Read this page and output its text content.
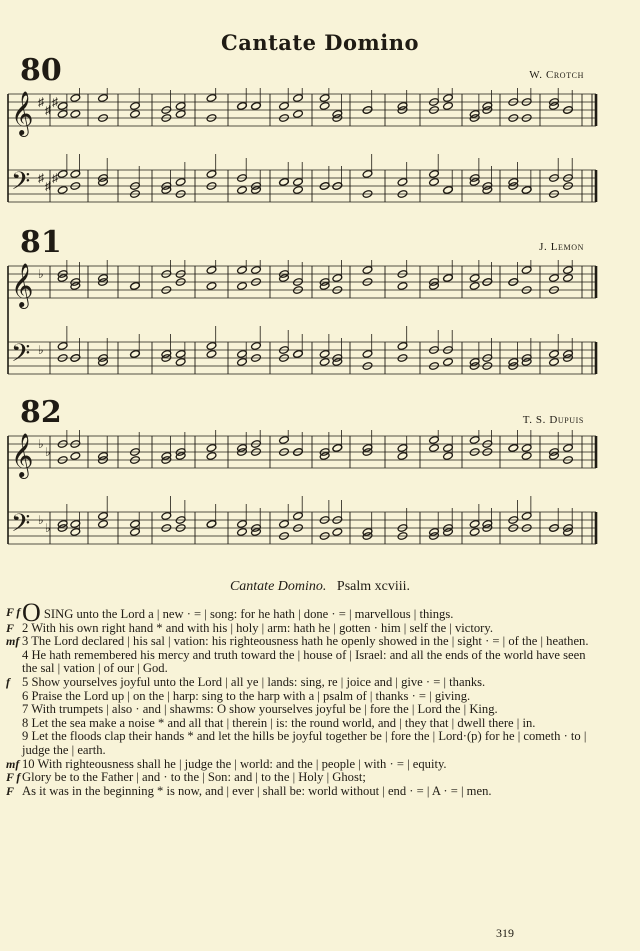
Cantate Domino
80	W. Crotch
𝄞 ♯
♯
♯
𝄢 ♯
♯
♯
81	J. Lemon
𝄞 ♭
𝄢 ♭
82	T. S. Dupuis
𝄞 ♭
♭
𝄢 ♭
♭
Cantate Domino. Psalm xcviii.
F f O SING unto the Lord a | new · = | song: for he hath | done · = | marvellous | things.
F 2 With his own right hand * and with his | holy | arm: hath he | gotten · him | self the | victory.
mf 3 The Lord declared | his sal | vation: his righteousness hath he openly showed in the | sight · = | of the | heathen.
4 He hath remembered his mercy and truth toward the | house of | Israel: and all the ends of the world have seen the sal | vation | of our | God.
f 5 Show yourselves joyful unto the Lord | all ye | lands: sing, re | joice and | give · = | thanks.
6 Praise the Lord up | on the | harp: sing to the harp with a | psalm of | thanks · = | giving.
7 With trumpets | also · and | shawms: O show yourselves joyful be | fore the | Lord the | King.
8 Let the sea make a noise * and all that | therein | is: the round world, and | they that | dwell there | in.
9 Let the floods clap their hands * and let the hills be joyful together be | fore the | Lord·(p) for he | cometh · to | judge the | earth.
mf 10 With righteousness shall he | judge the | world: and the | people | with · = | equity.
F f Glory be to the Father | and · to the | Son: and | to the | Holy | Ghost;
F As it was in the beginning * is now, and | ever | shall be: world without | end · = | A · = | men.
319
